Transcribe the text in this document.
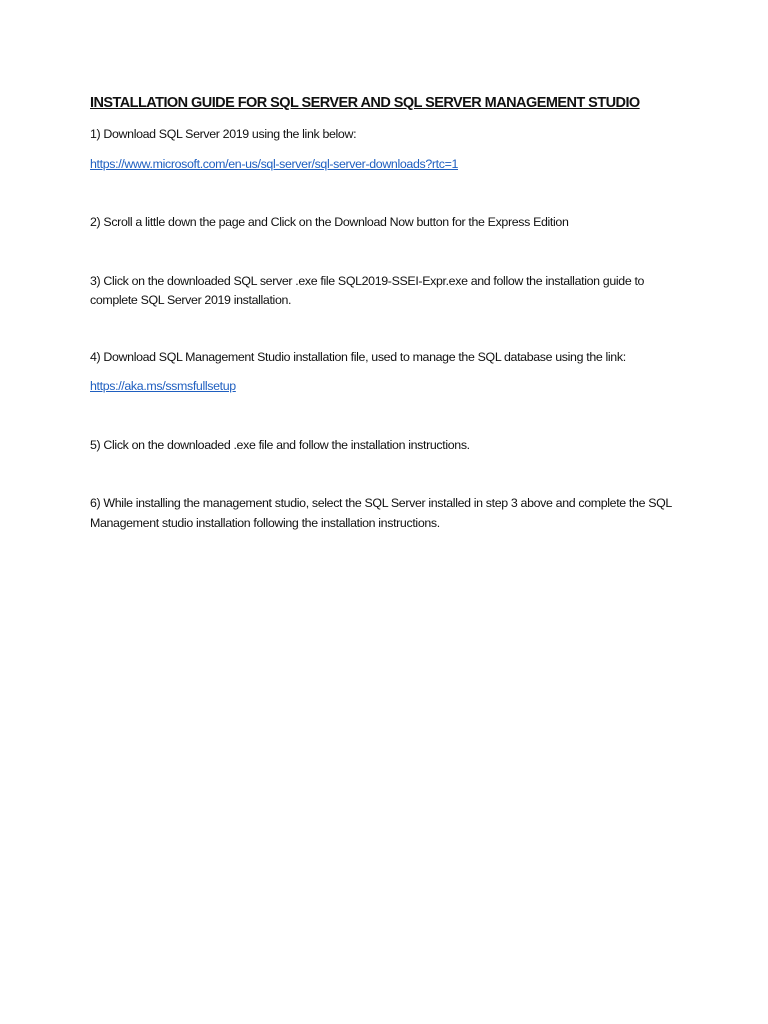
INSTALLATION GUIDE FOR SQL SERVER AND SQL SERVER MANAGEMENT STUDIO

1) Download SQL Server 2019 using the link below:

https://www.microsoft.com/en-us/sql-server/sql-server-downloads?rtc=1

2) Scroll a little down the page and Click on the Download Now button for the Express Edition

3) Click on the downloaded SQL server .exe file SQL2019-SSEI-Expr.exe and follow the installation guide to complete SQL Server 2019 installation.

4) Download SQL Management Studio installation file, used to manage the SQL database using the link:

https://aka.ms/ssmsfullsetup

5) Click on the downloaded .exe file and follow the installation instructions.

6) While installing the management studio, select the SQL Server installed in step 3 above and complete the SQL Management studio installation following the installation instructions.
